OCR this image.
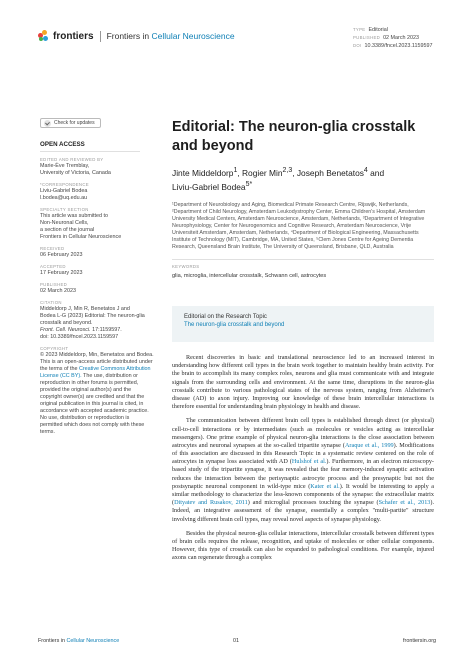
frontiers Frontiers in Cellular Neuroscience
TYPE Editorial
PUBLISHED 02 March 2023
DOI 10.3389/fncel.2023.1159597
Check for updates
OPEN ACCESS
EDITED AND REVIEWED BY
Marie-Ève Tremblay,
University of Victoria, Canada
*CORRESPONDENCE
Liviu-Gabriel Bodea
l.bodea@uq.edu.au
SPECIALTY SECTION
This article was submitted to
Non-Neuronal Cells,
a section of the journal
Frontiers in Cellular Neuroscience
RECEIVED
06 February 2023
ACCEPTED
17 February 2023
PUBLISHED
02 March 2023
CITATION
Middeldorp J, Min R, Benetatos J and
Bodea L-G (2023) Editorial: The neuron-glia
crosstalk and beyond.
Front. Cell. Neurosci. 17:1159597.
doi: 10.3389/fncel.2023.1159597
COPYRIGHT
© 2023 Middeldorp, Min, Benetatos and Bodea.
This is an open-access article distributed under
the terms of the Creative Commons Attribution
License (CC BY). The use, distribution or
reproduction in other forums is permitted,
provided the original author(s) and the
copyright owner(s) are credited and that the
original publication in this journal is cited, in
accordance with accepted academic practice.
No use, distribution or reproduction is
permitted which does not comply with these
terms.
Editorial: The neuron-glia crosstalk and beyond
Jinte Middeldorp$^1$, Rogier Min$^{2,3}$, Joseph Benetatos$^4$ and
Liviu-Gabriel Bodea$^{5*}$
¹Department of Neurobiology and Aging, Biomedical Primate Research Centre, Rijswijk, Netherlands, ²Department of Child Neurology, Amsterdam Leukodystrophy Center, Emma Children's Hospital, Amsterdam University Medical Centers, Amsterdam Neuroscience, Amsterdam, Netherlands, ³Department of Integrative Neurophysiology, Center for Neurogenomics and Cognitive Research, Amsterdam Neuroscience, Vrije Universiteit Amsterdam, Amsterdam, Netherlands, ⁴Department of Biological Engineering, Massachusetts Institute of Technology (MIT), Cambridge, MA, United States, ⁵Clem Jones Centre for Ageing Dementia Research, Queensland Brain Institute, The University of Queensland, Brisbane, QLD, Australia
KEYWORDS
glia, microglia, intercellular crosstalk, Schwann cell, astrocytes
Editorial on the Research Topic
The neuron-glia crosstalk and beyond

Recent discoveries in basic and translational neuroscience led to an increased interest in understanding how different cell types in the brain work together to maintain healthy brain activity. For the brain to accomplish its many complex roles, neurons and glia must communicate with and integrate signals from the surrounding cells and environment. At the same time, disruptions in the neuron-glia crosstalk contribute to various pathological states of the nervous system, ranging from Alzheimer's disease (AD) to axon injury. Improving our knowledge of these brain intercellular interactions is therefore essential for understanding brain physiology in health and disease.

The communication between different brain cell types is established through direct (or physical) cell-to-cell interactions or by intermediates (such as molecules or vesicles acting as intercellular messengers). One prime example of physical neuron-glia interactions is the close association between astrocytes and neuronal synapses at the so-called tripartite synapse (Araque et al., 1999). Modifications of this association are discussed in this Research Topic in a systematic review centered on the role of astrocytes in synapse loss associated with AD (Hulshof et al.). Furthermore, in an electron microscopy-based study of the tripartite synapse, it was revealed that the fear memory-induced synaptic activation reduces the interaction between the perisynaptic astrocyte process and the presynaptic but not the postsynaptic neuronal component in wild-type mice (Kater et al.). It would be interesting to apply a similar methodology to characterize the less-known components of the synapse: the extracellular matrix (Dityatev and Rusakov, 2011) and microglial processes touching the synapse (Schafer et al., 2013). Indeed, an integrative assessment of the synapse, essentially a complex "multi-partite" structure involving different brain cell types, may reveal novel aspects of synapse physiology.

Besides the physical neuron-glia cellular interactions, intercellular crosstalk between different types of brain cells requires the release, recognition, and uptake of molecules or other cellular components. However, this type of crosstalk can also be expanded to pathological conditions. For example, injured axons can regenerate through a complex

Frontiers in Cellular Neuroscience	01	frontiersin.org
